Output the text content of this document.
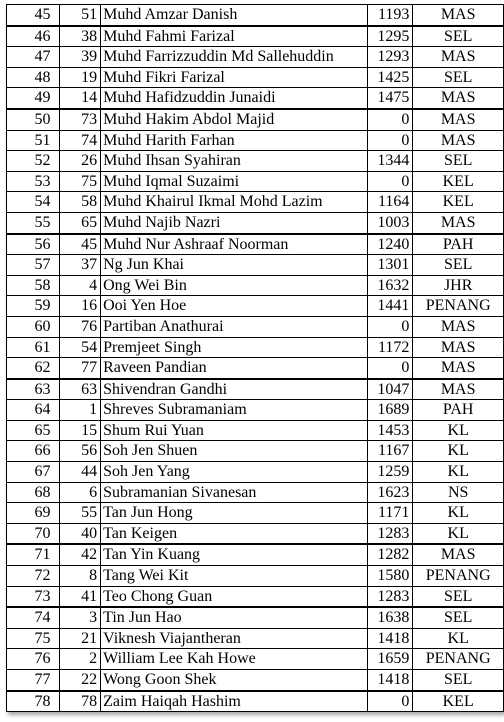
45	51	Muhd Amzar Danish	1193	MAS
46	38	Muhd Fahmi Farizal	1295	SEL
47	39	Muhd Farrizzuddin Md Sallehuddin	1293	MAS
48	19	Muhd Fikri Farizal	1425	SEL
49	14	Muhd Hafidzuddin Junaidi	1475	MAS
50	73	Muhd Hakim Abdol Majid	0	MAS
51	74	Muhd Harith Farhan	0	MAS
52	26	Muhd Ihsan Syahiran	1344	SEL
53	75	Muhd Iqmal Suzaimi	0	KEL
54	58	Muhd Khairul Ikmal Mohd Lazim	1164	KEL
55	65	Muhd Najib Nazri	1003	MAS
56	45	Muhd Nur Ashraaf Noorman	1240	PAH
57	37	Ng Jun Khai	1301	SEL
58	4	Ong Wei Bin	1632	JHR
59	16	Ooi Yen Hoe	1441	PENANG
60	76	Partiban Anathurai	0	MAS
61	54	Premjeet Singh	1172	MAS
62	77	Raveen Pandian	0	MAS
63	63	Shivendran Gandhi	1047	MAS
64	1	Shreves Subramaniam	1689	PAH
65	15	Shum Rui Yuan	1453	KL
66	56	Soh Jen Shuen	1167	KL
67	44	Soh Jen Yang	1259	KL
68	6	Subramanian Sivanesan	1623	NS
69	55	Tan Jun Hong	1171	KL
70	40	Tan Keigen	1283	KL
71	42	Tan Yin Kuang	1282	MAS
72	8	Tang Wei Kit	1580	PENANG
73	41	Teo Chong Guan	1283	SEL
74	3	Tin Jun Hao	1638	SEL
75	21	Viknesh Viajantheran	1418	KL
76	2	William Lee Kah Howe	1659	PENANG
77	22	Wong Goon Shek	1418	SEL
78	78	Zaim Haiqah Hashim	0	KEL
